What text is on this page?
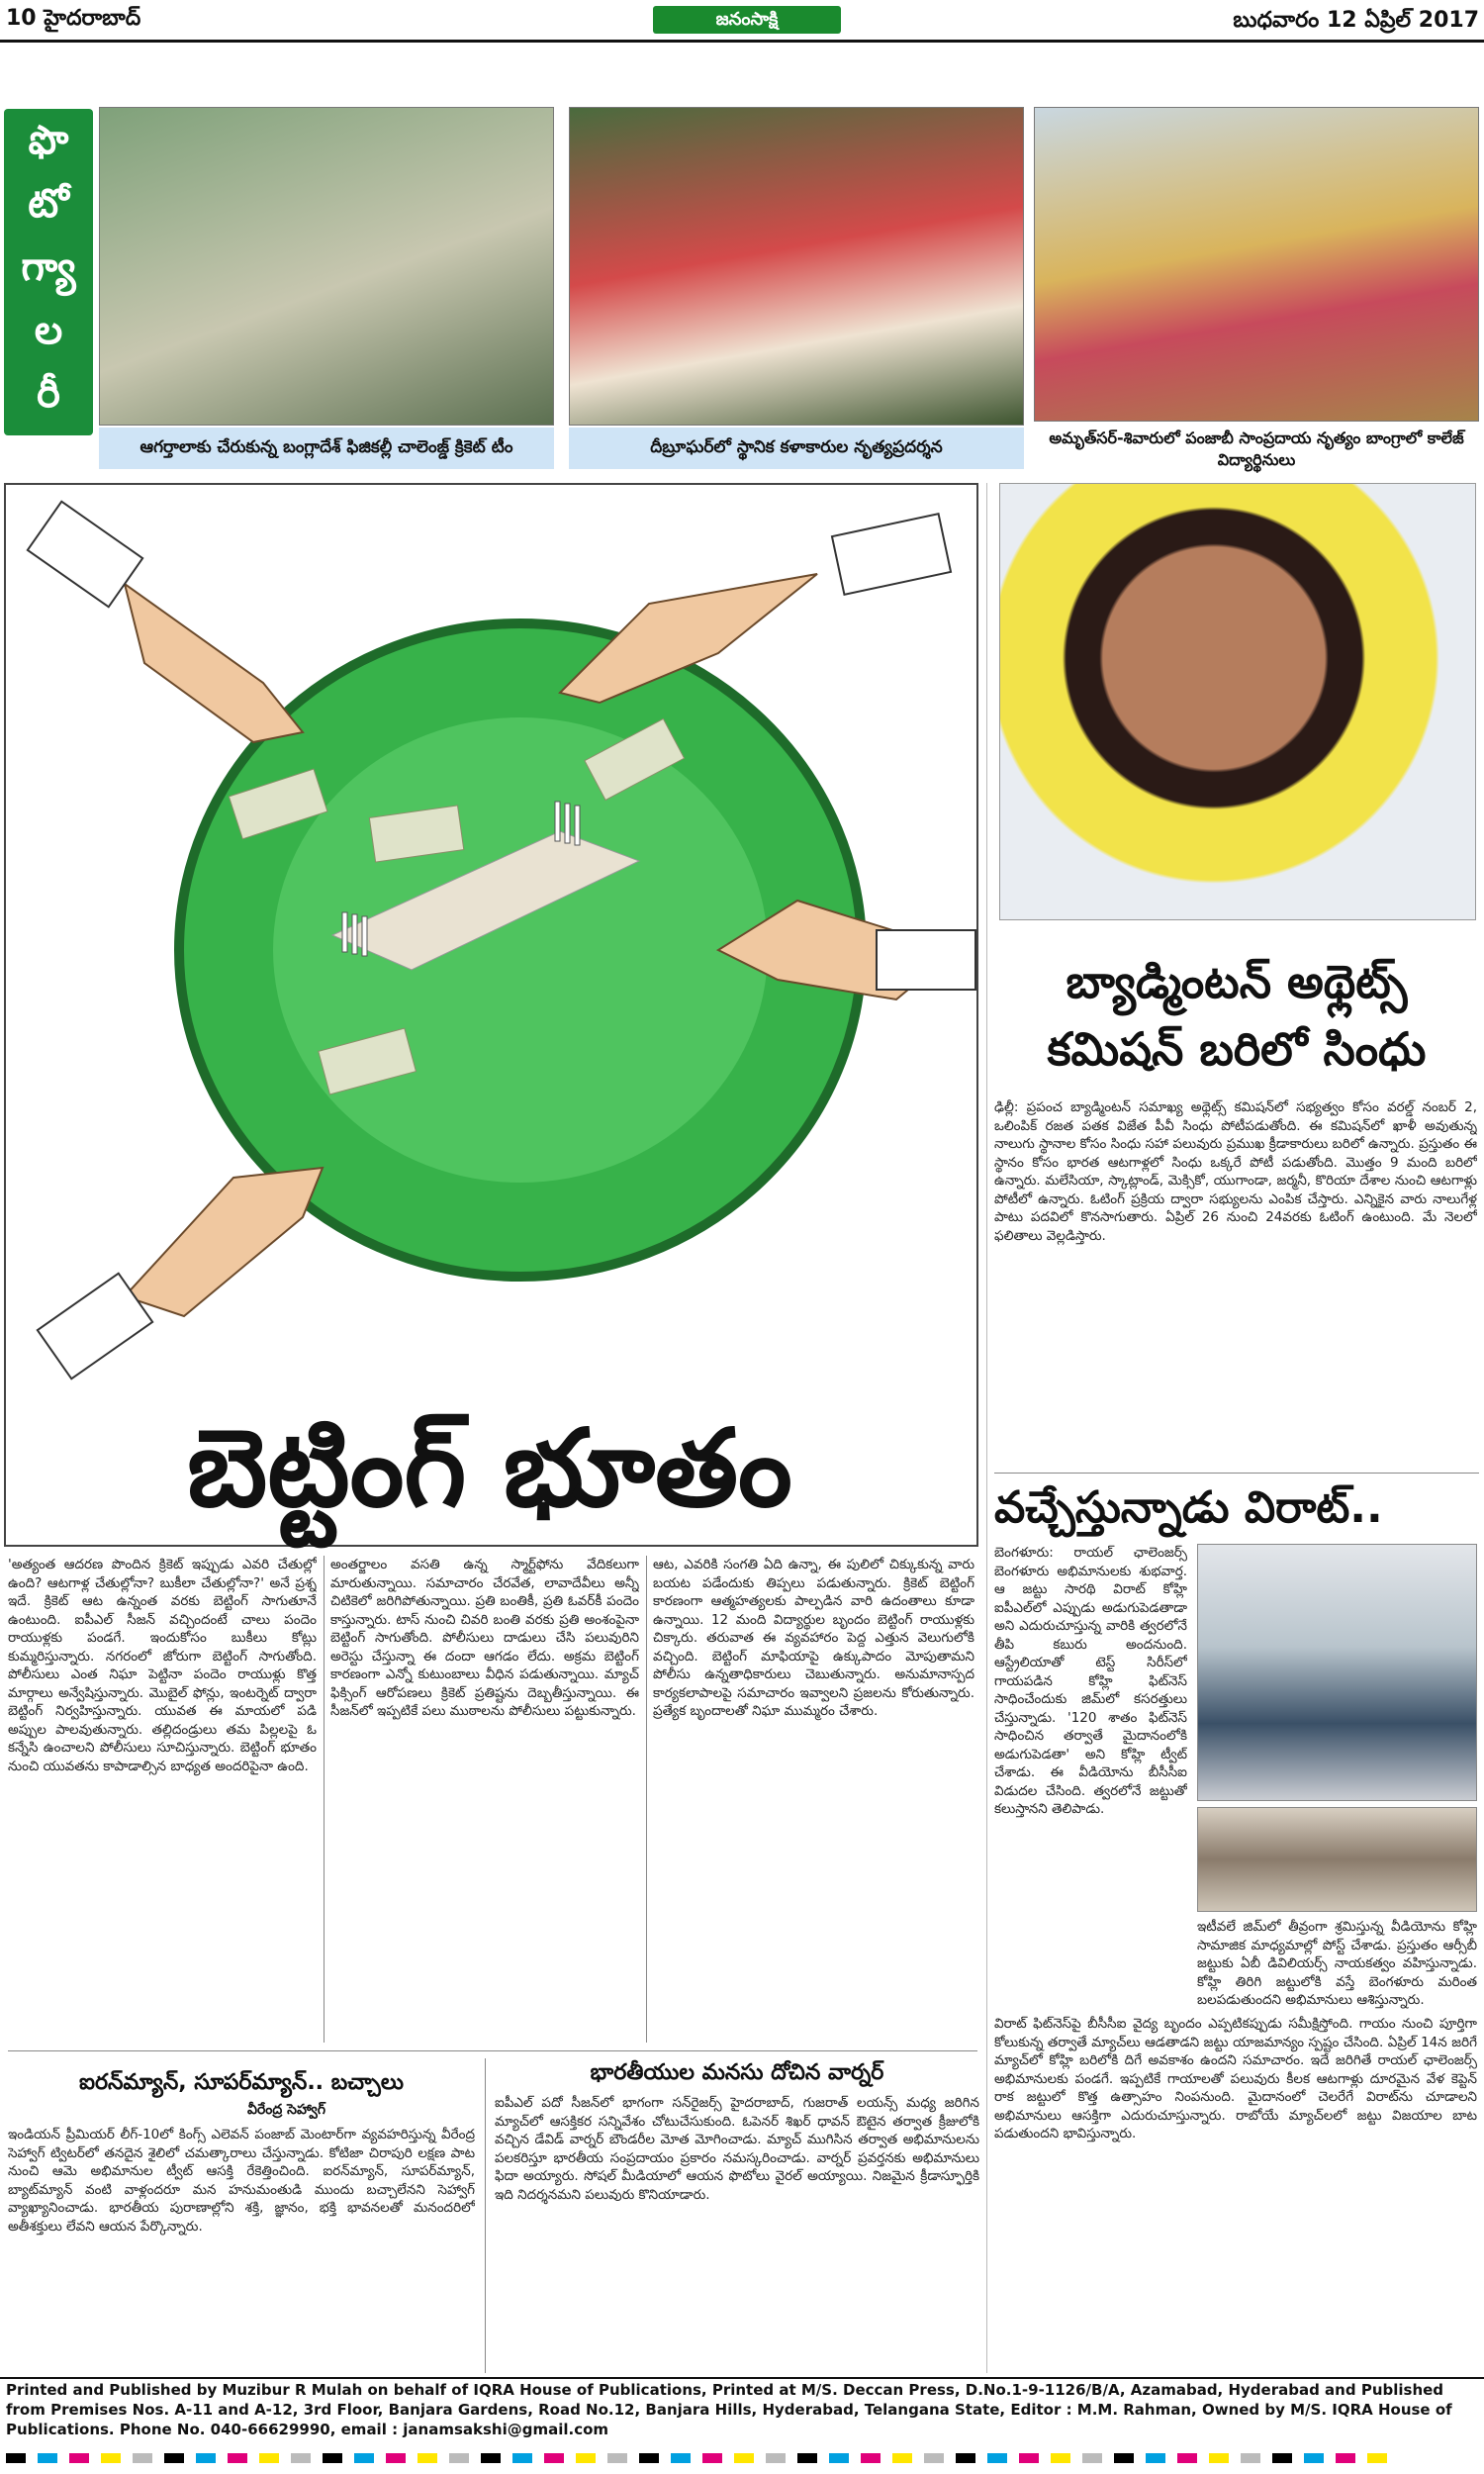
10 హైదరాబాద్	జనంసాక్షి	బుధవారం 12 ఏప్రిల్ 2017
ఫొ
టో
గ్యా
ల
రీ
ఆగర్తాలాకు చేరుకున్న బంగ్లాదేశ్ ఫిజికల్లీ చాలెంజ్డ్ క్రికెట్ టీం	దీబ్రూఘర్‌లో స్థానిక కళాకారుల నృత్యప్రదర్శన	అమృత్‌సర్-శివారులో పంజాబీ సాంప్రదాయ నృత్యం బాంగ్రాలో కాలేజ్ విద్యార్థినులు
బెట్టింగ్ భూతం
'అత్యంత ఆదరణ పొందిన క్రికెట్ ఇప్పుడు ఎవరి చేతుల్లో ఉంది? ఆటగాళ్ల చేతుల్లోనా? బుకీలా చేతుల్లోనా?' అనే ప్రశ్న ఇదే. క్రికెట్ ఆట ఉన్నంత వరకు బెట్టింగ్ సాగుతూనే ఉంటుంది. ఐపీఎల్ సీజన్ వచ్చిందంటే చాలు పందెం రాయుళ్లకు పండగే. ఇందుకోసం బుకీలు కోట్లు కుమ్మరిస్తున్నారు. నగరంలో జోరుగా బెట్టింగ్ సాగుతోంది. పోలీసులు ఎంత నిఘా పెట్టినా పందెం రాయుళ్లు కొత్త మార్గాలు అన్వేషిస్తున్నారు. మొబైల్ ఫోన్లు, ఇంటర్నెట్ ద్వారా బెట్టింగ్ నిర్వహిస్తున్నారు. యువత ఈ మాయలో పడి అప్పుల పాలవుతున్నారు. తల్లిదండ్రులు తమ పిల్లలపై ఓ కన్నేసి ఉంచాలని పోలీసులు సూచిస్తున్నారు. బెట్టింగ్ భూతం నుంచి యువతను కాపాడాల్సిన బాధ్యత అందరిపైనా ఉంది.
అంతర్జాలం వసతి ఉన్న స్మార్ట్‌ఫోను వేదికలుగా మారుతున్నాయి. సమాచారం చేరవేత, లావాదేవీలు అన్నీ చిటికెలో జరిగిపోతున్నాయి. ప్రతి బంతికీ, ప్రతి ఓవర్‌కీ పందెం కాస్తున్నారు. టాస్ నుంచి చివరి బంతి వరకు ప్రతి అంశంపైనా బెట్టింగ్ సాగుతోంది. పోలీసులు దాడులు చేసి పలువురిని అరెస్టు చేస్తున్నా ఈ దందా ఆగడం లేదు. అక్రమ బెట్టింగ్ కారణంగా ఎన్నో కుటుంబాలు వీధిన పడుతున్నాయి. మ్యాచ్ ఫిక్సింగ్ ఆరోపణలు క్రికెట్ ప్రతిష్టను దెబ్బతీస్తున్నాయి. ఈ సీజన్‌లో ఇప్పటికే పలు ముఠాలను పోలీసులు పట్టుకున్నారు.
ఆట, ఎవరికి సంగతి ఏది ఉన్నా, ఈ పులిలో చిక్కుకున్న వారు బయట పడేందుకు తిప్పలు పడుతున్నారు. క్రికెట్ బెట్టింగ్ కారణంగా ఆత్మహత్యలకు పాల్పడిన వారి ఉదంతాలు కూడా ఉన్నాయి. 12 మంది విద్యార్థుల బృందం బెట్టింగ్ రాయుళ్లకు చిక్కారు. తరువాత ఈ వ్యవహారం పెద్ద ఎత్తున వెలుగులోకి వచ్చింది. బెట్టింగ్ మాఫియాపై ఉక్కుపాదం మోపుతామని పోలీసు ఉన్నతాధికారులు చెబుతున్నారు. అనుమానాస్పద కార్యకలాపాలపై సమాచారం ఇవ్వాలని ప్రజలను కోరుతున్నారు. ప్రత్యేక బృందాలతో నిఘా ముమ్మరం చేశారు.
ఐరన్‌మ్యాన్, సూపర్‌మ్యాన్.. బచ్చాలు
వీరేంద్ర సెహ్వాగ్
ఇండియన్ ప్రీమియర్ లీగ్-10లో కింగ్స్ ఎలెవన్ పంజాబ్ మెంటార్‌గా వ్యవహరిస్తున్న వీరేంద్ర సెహ్వాగ్ ట్విటర్‌లో తనదైన శైలిలో చమత్కారాలు చేస్తున్నాడు. కోటిజా చిరాపురి లక్షణ పాట నుంచి ఆమె అభిమానుల ట్వీట్ ఆసక్తి రేకెత్తించింది. ఐరన్‌మ్యాన్, సూపర్‌మ్యాన్, బ్యాట్‌మ్యాన్ వంటి వాళ్లందరూ మన హనుమంతుడి ముందు బచ్చాలేనని సెహ్వాగ్ వ్యాఖ్యానించాడు. భారతీయ పురాణాల్లోని శక్తి, జ్ఞానం, భక్తి భావనలతో మనందరిలో అతీశక్తులు లేవని ఆయన పేర్కొన్నారు.
భారతీయుల మనసు దోచిన వార్నర్
ఐపీఎల్ పదో సీజన్‌లో భాగంగా సన్‌రైజర్స్ హైదరాబాద్, గుజరాత్ లయన్స్ మధ్య జరిగిన మ్యాచ్‌లో ఆసక్తికర సన్నివేశం చోటుచేసుకుంది. ఓపెనర్ శిఖర్ ధావన్ ఔటైన తర్వాత క్రీజులోకి వచ్చిన డేవిడ్ వార్నర్ బౌండరీల మోత మోగించాడు. మ్యాచ్ ముగిసిన తర్వాత అభిమానులను పలకరిస్తూ భారతీయ సంప్రదాయం ప్రకారం నమస్కరించాడు. వార్నర్ ప్రవర్తనకు అభిమానులు ఫిదా అయ్యారు. సోషల్ మీడియాలో ఆయన ఫొటోలు వైరల్ అయ్యాయి. నిజమైన క్రీడాస్ఫూర్తికి ఇది నిదర్శనమని పలువురు కొనియాడారు.
బ్యాడ్మింటన్ అథ్లెట్స్
కమిషన్ బరిలో సింధు
ఢిల్లీ: ప్రపంచ బ్యాడ్మింటన్ సమాఖ్య అథ్లెట్స్ కమిషన్‌లో సభ్యత్వం కోసం వరల్డ్ నంబర్ 2, ఒలింపిక్ రజత పతక విజేత పీవీ సింధు పోటీపడుతోంది. ఈ కమిషన్‌లో ఖాళీ అవుతున్న నాలుగు స్థానాల కోసం సింధు సహా పలువురు ప్రముఖ క్రీడాకారులు బరిలో ఉన్నారు. ప్రస్తుతం ఈ స్థానం కోసం భారత ఆటగాళ్లలో సింధు ఒక్కరే పోటీ పడుతోంది. మొత్తం 9 మంది బరిలో ఉన్నారు. మలేసియా, స్కాట్లాండ్, మెక్సికో, యుగాండా, జర్మనీ, కొరియా దేశాల నుంచి ఆటగాళ్లు పోటీలో ఉన్నారు. ఓటింగ్ ప్రక్రియ ద్వారా సభ్యులను ఎంపిక చేస్తారు. ఎన్నికైన వారు నాలుగేళ్ల పాటు పదవిలో కొనసాగుతారు. ఏప్రిల్ 26 నుంచి 24వరకు ఓటింగ్ ఉంటుంది. మే నెలలో ఫలితాలు వెల్లడిస్తారు.
వచ్చేస్తున్నాడు విరాట్..
బెంగళూరు: రాయల్ ఛాలెంజర్స్ బెంగళూరు అభిమానులకు శుభవార్త. ఆ జట్టు సారథి విరాట్ కోహ్లి ఐపీఎల్‌లో ఎప్పుడు అడుగుపెడతాడా అని ఎదురుచూస్తున్న వారికి త్వరలోనే తీపి కబురు అందనుంది. ఆస్ట్రేలియాతో టెస్ట్ సిరీస్‌లో గాయపడిన కోహ్లి ఫిట్‌నెస్ సాధించేందుకు జిమ్‌లో కసరత్తులు చేస్తున్నాడు. '120 శాతం ఫిట్‌నెస్ సాధించిన తర్వాతే మైదానంలోకి అడుగుపెడతా' అని కోహ్లి ట్వీట్ చేశాడు. ఈ వీడియోను బీసీసీఐ విడుదల చేసింది. త్వరలోనే జట్టుతో కలుస్తానని తెలిపాడు.
ఇటీవలే జిమ్‌లో తీవ్రంగా శ్రమిస్తున్న వీడియోను కోహ్లి సామాజిక మాధ్యమాల్లో పోస్ట్ చేశాడు. ప్రస్తుతం ఆర్సీబీ జట్టుకు ఏబీ డివిలియర్స్ నాయకత్వం వహిస్తున్నాడు. కోహ్లి తిరిగి జట్టులోకి వస్తే బెంగళూరు మరింత బలపడుతుందని అభిమానులు ఆశిస్తున్నారు.
విరాట్ ఫిట్‌నెస్‌పై బీసీసీఐ వైద్య బృందం ఎప్పటికప్పుడు సమీక్షిస్తోంది. గాయం నుంచి పూర్తిగా కోలుకున్న తర్వాతే మ్యాచ్‌లు ఆడతాడని జట్టు యాజమాన్యం స్పష్టం చేసింది. ఏప్రిల్ 14న జరిగే మ్యాచ్‌లో కోహ్లి బరిలోకి దిగే అవకాశం ఉందని సమాచారం. ఇదే జరిగితే రాయల్ ఛాలెంజర్స్ అభిమానులకు పండగే. ఇప్పటికే గాయాలతో పలువురు కీలక ఆటగాళ్లు దూరమైన వేళ కెప్టెన్ రాక జట్టులో కొత్త ఉత్సాహం నింపనుంది. మైదానంలో చెలరేగే విరాట్‌ను చూడాలని అభిమానులు ఆసక్తిగా ఎదురుచూస్తున్నారు. రాబోయే మ్యాచ్‌లలో జట్టు విజయాల బాట పడుతుందని భావిస్తున్నారు.
Printed and Published by Muzibur R Mulah on behalf of IQRA House of Publications, Printed at M/S. Deccan Press, D.No.1-9-1126/B/A, Azamabad, Hyderabad and Published from Premises Nos. A-11 and A-12, 3rd Floor, Banjara Gardens, Road No.12, Banjara Hills, Hyderabad, Telangana State, Editor : M.M. Rahman, Owned by M/S. IQRA House of Publications. Phone No. 040-66629990, email : janamsakshi@gmail.com
